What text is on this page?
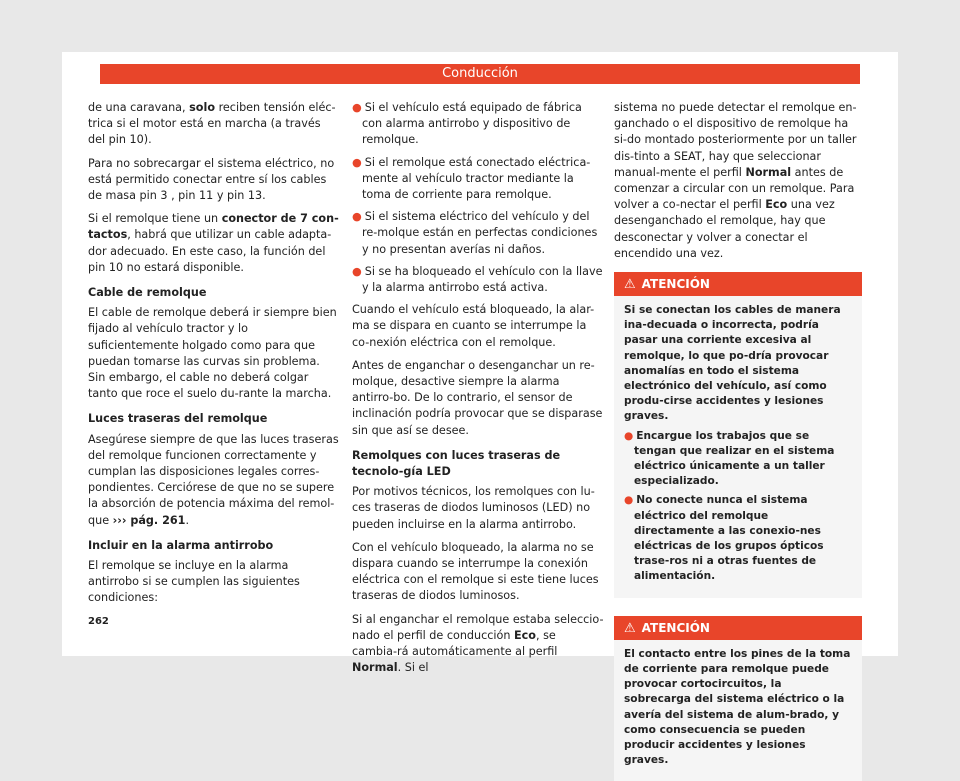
Conducción

de una caravana, solo reciben tensión eléc-trica si el motor está en marcha (a través del pin 10).

Para no sobrecargar el sistema eléctrico, no está permitido conectar entre sí los cables de masa pin 3 , pin 11 y pin 13.

Si el remolque tiene un conector de 7 con-tactos, habrá que utilizar un cable adapta-dor adecuado. En este caso, la función del pin 10 no estará disponible.

Cable de remolque

El cable de remolque deberá ir siempre bien fijado al vehículo tractor y lo suficientemente holgado como para que puedan tomarse las curvas sin problema. Sin embargo, el cable no deberá colgar tanto que roce el suelo du-rante la marcha.

Luces traseras del remolque

Asegúrese siempre de que las luces traseras del remolque funcionen correctamente y cumplan las disposiciones legales corres-pondientes. Cerciórese de que no se supere la absorción de potencia máxima del remol-que ››› pág. 261.

Incluir en la alarma antirrobo

El remolque se incluye en la alarma antirrobo si se cumplen las siguientes condiciones:

● Si el vehículo está equipado de fábrica con alarma antirrobo y dispositivo de remolque.

● Si el remolque está conectado eléctrica-mente al vehículo tractor mediante la toma de corriente para remolque.

● Si el sistema eléctrico del vehículo y del re-molque están en perfectas condiciones y no presentan averías ni daños.

● Si se ha bloqueado el vehículo con la llave y la alarma antirrobo está activa.

Cuando el vehículo está bloqueado, la alar-ma se dispara en cuanto se interrumpe la co-nexión eléctrica con el remolque.

Antes de enganchar o desenganchar un re-molque, desactive siempre la alarma antirro-bo. De lo contrario, el sensor de inclinación podría provocar que se disparase sin que así se desee.

Remolques con luces traseras de tecnolo-gía LED

Por motivos técnicos, los remolques con lu-ces traseras de diodos luminosos (LED) no pueden incluirse en la alarma antirrobo.

Con el vehículo bloqueado, la alarma no se dispara cuando se interrumpe la conexión eléctrica con el remolque si este tiene luces traseras de diodos luminosos.

Si al enganchar el remolque estaba seleccio-nado el perfil de conducción Eco, se cambia-rá automáticamente al perfil Normal. Si el

sistema no puede detectar el remolque en-ganchado o el dispositivo de remolque ha si-do montado posteriormente por un taller dis-tinto a SEAT, hay que seleccionar manual-mente el perfil Normal antes de comenzar a circular con un remolque. Para volver a co-nectar el perfil Eco una vez desenganchado el remolque, hay que desconectar y volver a conectar el encendido una vez.

⚠ ATENCIÓN

Si se conectan los cables de manera ina-decuada o incorrecta, podría pasar una corriente excesiva al remolque, lo que po-dría provocar anomalías en todo el sistema electrónico del vehículo, así como produ-cirse accidentes y lesiones graves.

● Encargue los trabajos que se tengan que realizar en el sistema eléctrico únicamente a un taller especializado.

● No conecte nunca el sistema eléctrico del remolque directamente a las conexio-nes eléctricas de los grupos ópticos trase-ros ni a otras fuentes de alimentación.

⚠ ATENCIÓN

El contacto entre los pines de la toma de corriente para remolque puede provocar cortocircuitos, la sobrecarga del sistema eléctrico o la avería del sistema de alum-brado, y como consecuencia se pueden producir accidentes y lesiones graves.

262
